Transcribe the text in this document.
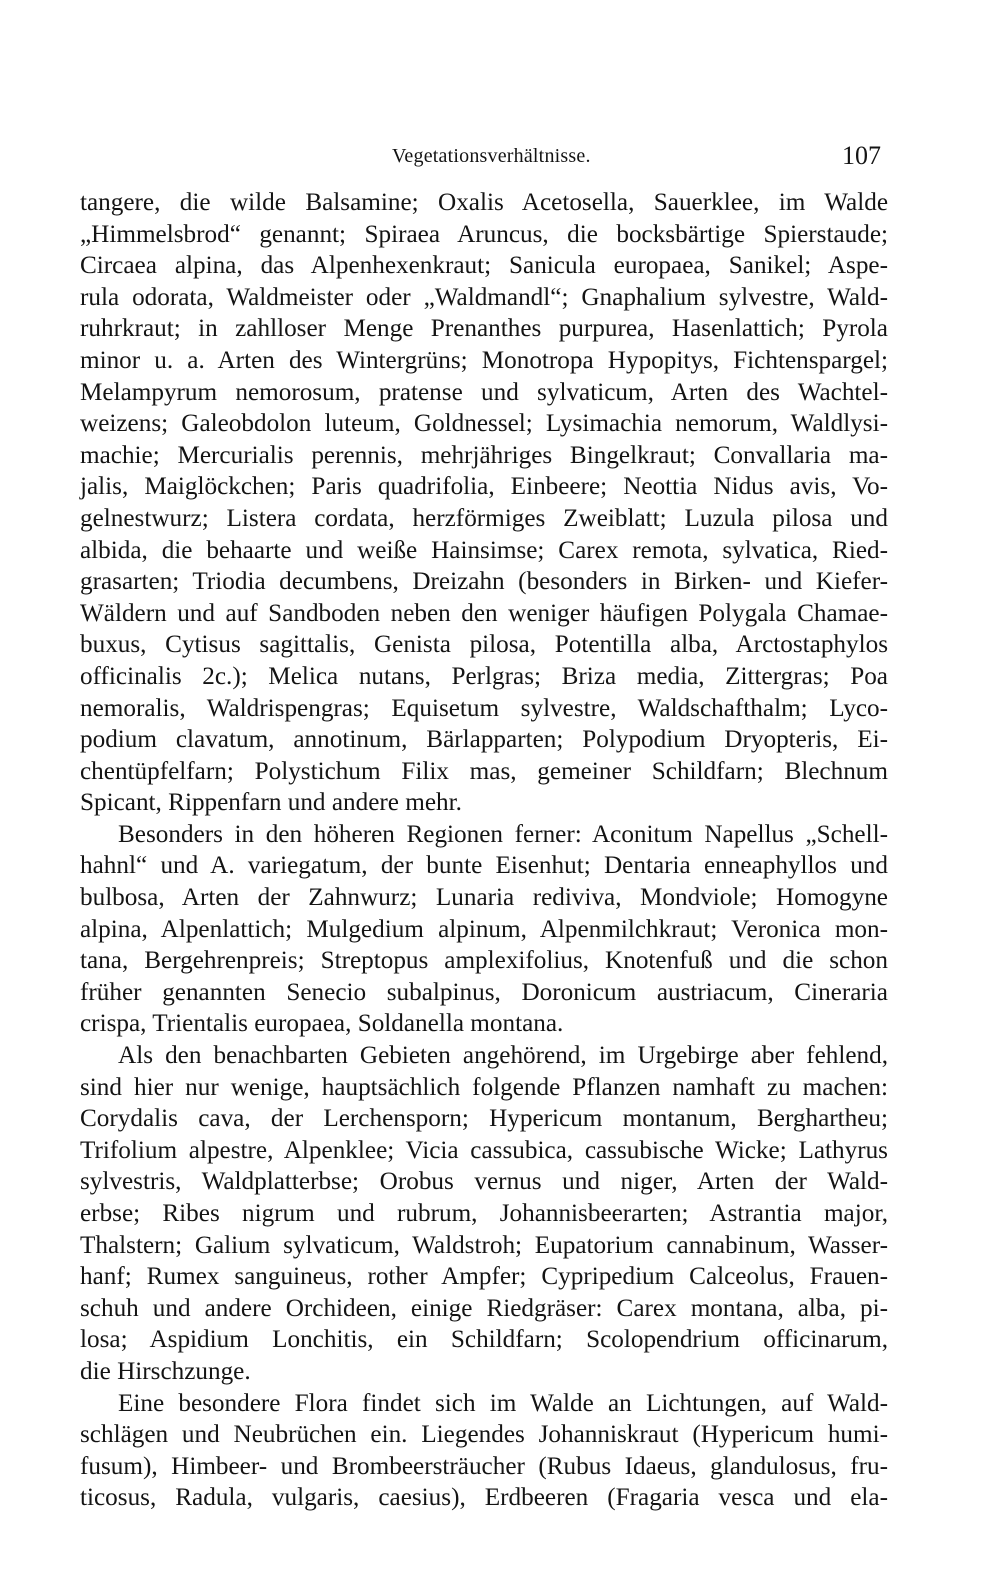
Vegetationsverhältnisse.	107
tangere, die wilde Balsamine; Oxalis Acetosella, Sauerklee, im Walde
„Himmelsbrod“ genannt; Spiraea Aruncus, die bocksbärtige Spierstaude;
Circaea alpina, das Alpenhexenkraut; Sanicula europaea, Sanikel; Aspe-
rula odorata, Waldmeister oder „Waldmandl“; Gnaphalium sylvestre, Wald-
ruhrkraut; in zahlloser Menge Prenanthes purpurea, Hasenlattich; Pyrola
minor u. a. Arten des Wintergrüns; Monotropa Hypopitys, Fichtenspargel;
Melampyrum nemorosum, pratense und sylvaticum, Arten des Wachtel-
weizens; Galeobdolon luteum, Goldnessel; Lysimachia nemorum, Waldlysi-
machie; Mercurialis perennis, mehrjähriges Bingelkraut; Convallaria ma-
jalis, Maiglöckchen; Paris quadrifolia, Einbeere; Neottia Nidus avis, Vo-
gelnestwurz; Listera cordata, herzförmiges Zweiblatt; Luzula pilosa und
albida, die behaarte und weiße Hainsimse; Carex remota, sylvatica, Ried-
grasarten; Triodia decumbens, Dreizahn (besonders in Birken- und Kiefer-
Wäldern und auf Sandboden neben den weniger häufigen Polygala Chamae-
buxus, Cytisus sagittalis, Genista pilosa, Potentilla alba, Arctostaphylos
officinalis 2c.); Melica nutans, Perlgras; Briza media, Zittergras; Poa
nemoralis, Waldrispengras; Equisetum sylvestre, Waldschafthalm; Lyco-
podium clavatum, annotinum, Bärlapparten; Polypodium Dryopteris, Ei-
chentüpfelfarn; Polystichum Filix mas, gemeiner Schildfarn; Blechnum
Spicant, Rippenfarn und andere mehr.
Besonders in den höheren Regionen ferner: Aconitum Napellus „Schell-
hahnl“ und A. variegatum, der bunte Eisenhut; Dentaria enneaphyllos und
bulbosa, Arten der Zahnwurz; Lunaria rediviva, Mondviole; Homogyne
alpina, Alpenlattich; Mulgedium alpinum, Alpenmilchkraut; Veronica mon-
tana, Bergehrenpreis; Streptopus amplexifolius, Knotenfuß und die schon
früher genannten Senecio subalpinus, Doronicum austriacum, Cineraria
crispa, Trientalis europaea, Soldanella montana.
Als den benachbarten Gebieten angehörend, im Urgebirge aber fehlend,
sind hier nur wenige, hauptsächlich folgende Pflanzen namhaft zu machen:
Corydalis cava, der Lerchensporn; Hypericum montanum, Berghartheu;
Trifolium alpestre, Alpenklee; Vicia cassubica, cassubische Wicke; Lathyrus
sylvestris, Waldplatterbse; Orobus vernus und niger, Arten der Wald-
erbse; Ribes nigrum und rubrum, Johannisbeerarten; Astrantia major,
Thalstern; Galium sylvaticum, Waldstroh; Eupatorium cannabinum, Wasser-
hanf; Rumex sanguineus, rother Ampfer; Cypripedium Calceolus, Frauen-
schuh und andere Orchideen, einige Riedgräser: Carex montana, alba, pi-
losa; Aspidium Lonchitis, ein Schildfarn; Scolopendrium officinarum,
die Hirschzunge.
Eine besondere Flora findet sich im Walde an Lichtungen, auf Wald-
schlägen und Neubrüchen ein. Liegendes Johanniskraut (Hypericum humi-
fusum), Himbeer- und Brombeersträucher (Rubus Idaeus, glandulosus, fru-
ticosus, Radula, vulgaris, caesius), Erdbeeren (Fragaria vesca und ela-
